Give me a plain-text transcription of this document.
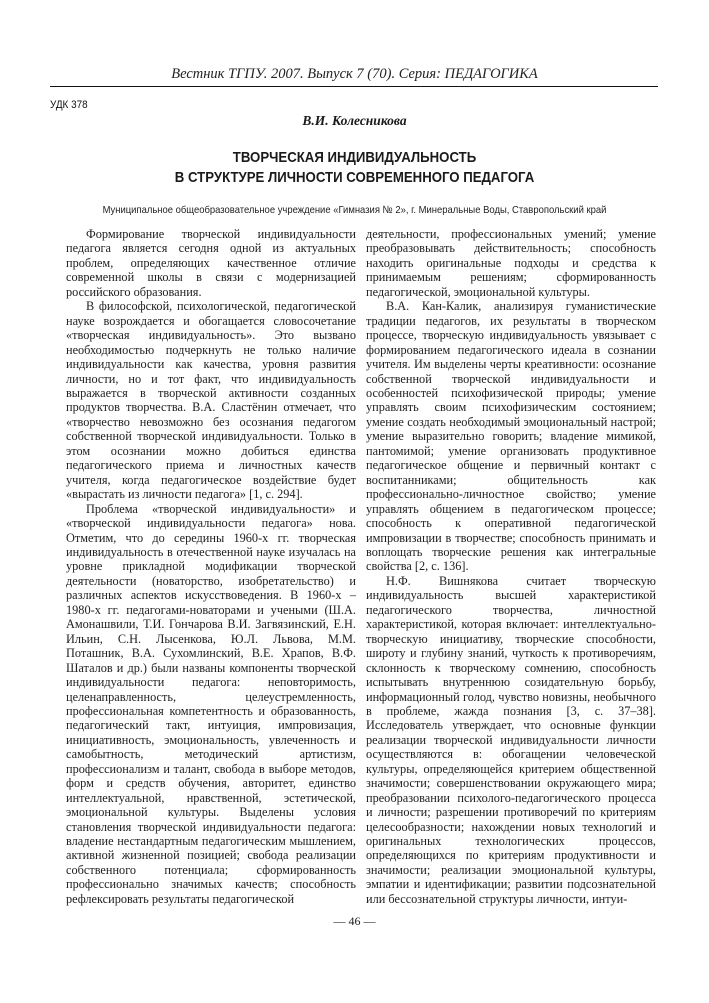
Вестник ТГПУ. 2007. Выпуск 7 (70). Серия: ПЕДАГОГИКА
УДК 378
В.И. Колесникова
ТВОРЧЕСКАЯ ИНДИВИДУАЛЬНОСТЬ
В СТРУКТУРЕ ЛИЧНОСТИ СОВРЕМЕННОГО ПЕДАГОГА
Муниципальное общеобразовательное учреждение «Гимназия № 2», г. Минеральные Воды, Ставропольский край

Формирование творческой индивидуальности педагога является сегодня одной из актуальных проблем, определяющих качественное отличие современной школы в связи с модернизацией российского образования.

В философской, психологической, педагогической науке возрождается и обогащается словосочетание «творческая индивидуальность». Это вызвано необходимостью подчеркнуть не только наличие индивидуальности как качества, уровня развития личности, но и тот факт, что индивидуальность выражается в творческой активности созданных продуктов творчества. В.А. Сластёнин отмечает, что «творчество невозможно без осознания педагогом собственной творческой индивидуальности. Только в этом осознании можно добиться единства педагогического приема и личностных качеств учителя, когда педагогическое воздействие будет «вырастать из личности педагога» [1, с. 294].

Проблема «творческой индивидуальности» и «творческой индивидуальности педагога» нова. Отметим, что до середины 1960-х гг. творческая индивидуальность в отечественной науке изучалась на уровне прикладной модификации творческой деятельности (новаторство, изобретательство) и различных аспектов искусствоведения. В 1960-х – 1980-х гг. педагогами-новаторами и учеными (Ш.А. Амонашвили, Т.И. Гончарова В.И. Загвязинский, Е.Н. Ильин, С.Н. Лысенкова, Ю.Л. Львова, М.М. Поташник, В.А. Сухомлинский, В.Е. Храпов, В.Ф. Шаталов и др.) были названы компоненты творческой индивидуальности педагога: неповторимость, целенаправленность, целеустремленность, профессиональная компетентность и образованность, педагогический такт, интуиция, импровизация, инициативность, эмоциональность, увлеченность и самобытность, методический артистизм, профессионализм и талант, свобода в выборе методов, форм и средств обучения, авторитет, единство интеллектуальной, нравственной, эстетической, эмоциональной культуры. Выделены условия становления творческой индивидуальности педагога: владение нестандартным педагогическим мышлением, активной жизненной позицией; свобода реализации собственного потенциала; сформированность профессионально значимых качеств; способность рефлексировать результаты педагогической

деятельности, профессиональных умений; умение преобразовывать действительность; способность находить оригинальные подходы и средства к принимаемым решениям; сформированность педагогической, эмоциональной культуры.

В.А. Кан-Калик, анализируя гуманистические традиции педагогов, их результаты в творческом процессе, творческую индивидуальность увязывает с формированием педагогического идеала в сознании учителя. Им выделены черты креативности: осознание собственной творческой индивидуальности и особенностей психофизической природы; умение управлять своим психофизическим состоянием; умение создать необходимый эмоциональный настрой; умение выразительно говорить; владение мимикой, пантомимой; умение организовать продуктивное педагогическое общение и первичный контакт с воспитанниками; общительность как профессионально-личностное свойство; умение управлять общением в педагогическом процессе; способность к оперативной педагогической импровизации в творчестве; способность принимать и воплощать творческие решения как интегральные свойства [2, с. 136].

Н.Ф. Вишнякова считает творческую индивидуальность высшей характеристикой педагогического творчества, личностной характеристикой, которая включает: интеллектуально-творческую инициативу, творческие способности, широту и глубину знаний, чуткость к противоречиям, склонность к творческому сомнению, способность испытывать внутреннюю созидательную борьбу, информационный голод, чувство новизны, необычного в проблеме, жажда познания [3, с. 37–38]. Исследователь утверждает, что основные функции реализации творческой индивидуальности личности осуществляются в: обогащении человеческой культуры, определяющейся критерием общественной значимости; совершенствовании окружающего мира; преобразовании психолого-педагогического процесса и личности; разрешении противоречий по критериям целесообразности; нахождении новых технологий и оригинальных технологических процессов, определяющихся по критериям продуктивности и значимости; реализации эмоциональной культуры, эмпатии и идентификации; развитии подсознательной или бессознательной структуры личности, интуи-

— 46 —
